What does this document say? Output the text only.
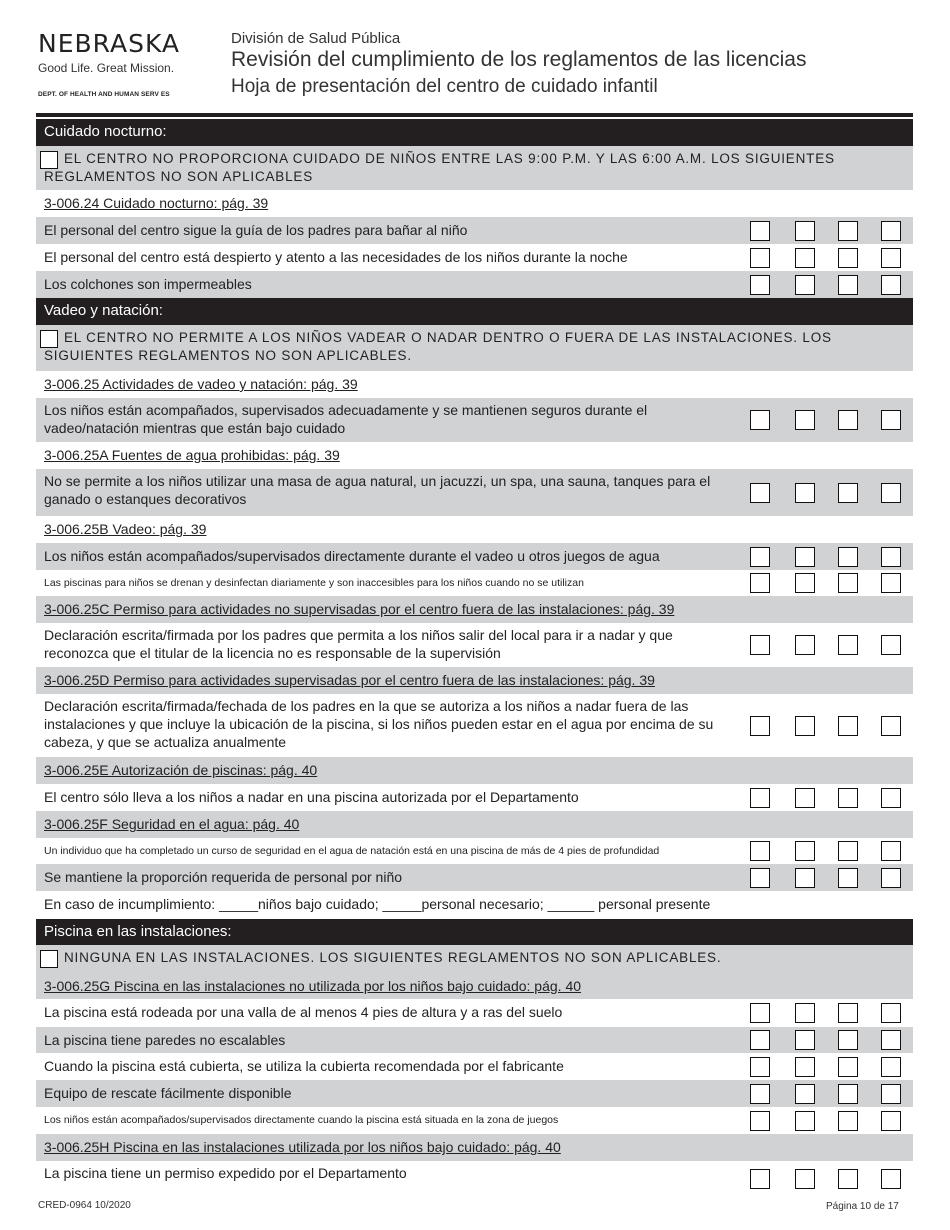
NEBRASKA
Good Life. Great Mission.
DEPT. OF HEALTH AND HUMAN SERV ES
División de Salud Pública
Revisión del cumplimiento de los reglamentos de las licencias
Hoja de presentación del centro de cuidado infantil
Cuidado nocturno:
EL CENTRO NO PROPORCIONA CUIDADO DE NIÑOS ENTRE LAS 9:00 P.M. Y LAS 6:00 A.M. LOS SIGUIENTES REGLAMENTOS NO SON APLICABLES
3-006.24 Cuidado nocturno: pág. 39
El personal del centro sigue la guía de los padres para bañar al niño
El personal del centro está despierto y atento a las necesidades de los niños durante la noche
Los colchones son impermeables
Vadeo y natación:
EL CENTRO NO PERMITE A LOS NIÑOS VADEAR O NADAR DENTRO O FUERA DE LAS INSTALACIONES. LOS SIGUIENTES REGLAMENTOS NO SON APLICABLES.
3-006.25 Actividades de vadeo y natación: pág. 39
Los niños están acompañados, supervisados adecuadamente y se mantienen seguros durante el vadeo/natación mientras que están bajo cuidado
3-006.25A Fuentes de agua prohibidas: pág. 39
No se permite a los niños utilizar una masa de agua natural, un jacuzzi, un spa, una sauna, tanques para el ganado o estanques decorativos
3-006.25B Vadeo: pág. 39
Los niños están acompañados/supervisados directamente durante el vadeo u otros juegos de agua
Las piscinas para niños se drenan y desinfectan diariamente y son inaccesibles para los niños cuando no se utilizan
3-006.25C Permiso para actividades no supervisadas por el centro fuera de las instalaciones: pág. 39
Declaración escrita/firmada por los padres que permita a los niños salir del local para ir a nadar y que reconozca que el titular de la licencia no es responsable de la supervisión
3-006.25D Permiso para actividades supervisadas por el centro fuera de las instalaciones: pág. 39
Declaración escrita/firmada/fechada de los padres en la que se autoriza a los niños a nadar fuera de las instalaciones y que incluye la ubicación de la piscina, si los niños pueden estar en el agua por encima de su cabeza, y que se actualiza anualmente
3-006.25E Autorización de piscinas: pág. 40
El centro sólo lleva a los niños a nadar en una piscina autorizada por el Departamento
3-006.25F Seguridad en el agua: pág. 40
Un individuo que ha completado un curso de seguridad en el agua de natación está en una piscina de más de 4 pies de profundidad
Se mantiene la proporción requerida de personal por niño
En caso de incumplimiento: _____niños bajo cuidado; _____personal necesario; ______ personal presente
Piscina en las instalaciones:
NINGUNA EN LAS INSTALACIONES. LOS SIGUIENTES REGLAMENTOS NO SON APLICABLES.
3-006.25G Piscina en las instalaciones no utilizada por los niños bajo cuidado: pág. 40
La piscina está rodeada por una valla de al menos 4 pies de altura y a ras del suelo
La piscina tiene paredes no escalables
Cuando la piscina está cubierta, se utiliza la cubierta recomendada por el fabricante
Equipo de rescate fácilmente disponible
Los niños están acompañados/supervisados directamente cuando la piscina está situada en la zona de juegos
3-006.25H Piscina en las instalaciones utilizada por los niños bajo cuidado: pág. 40
La piscina tiene un permiso expedido por el Departamento
CRED-0964 10/2020	Página 10 de 17
